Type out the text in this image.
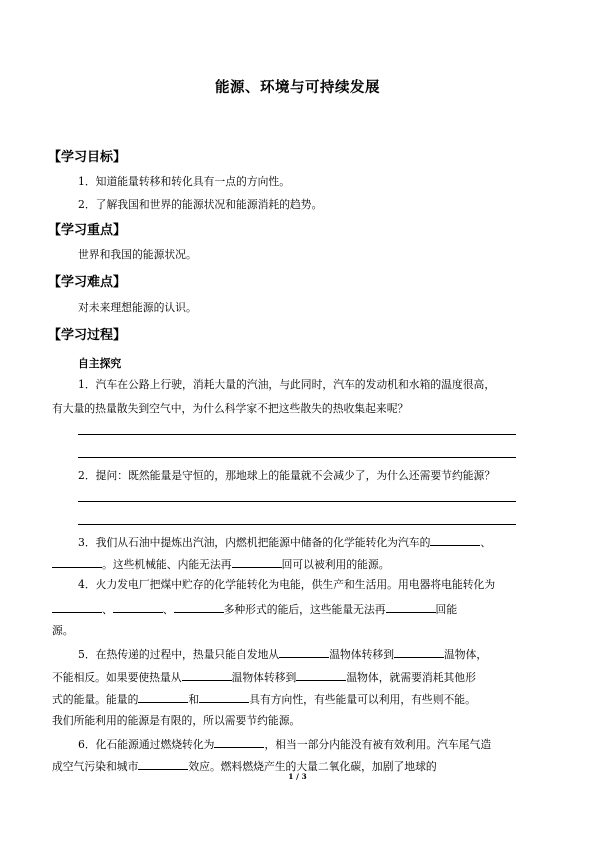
能源、环境与可持续发展
【学习目标】
1．知道能量转移和转化具有一点的方向性。
2．了解我国和世界的能源状况和能源消耗的趋势。
【学习重点】
世界和我国的能源状况。
【学习难点】
对未来理想能源的认识。
【学习过程】
自主探究
1．汽车在公路上行驶，消耗大量的汽油，与此同时，汽车的发动机和水箱的温度很高，
有大量的热量散失到空气中，为什么科学家不把这些散失的热收集起来呢？
2．提问：既然能量是守恒的，那地球上的能量就不会减少了，为什么还需要节约能源？
3．我们从石油中提炼出汽油，内燃机把能源中储备的化学能转化为汽车的	、
。这些机械能、内能无法再	回可以被利用的能源。
4．火力发电厂把煤中贮存的化学能转化为电能，供生产和生活用。用电器将电能转化为
、	、	多种形式的能后，这些能量无法再	回能
源。
5．在热传递的过程中，热量只能自发地从	温物体转移到	温物体，
不能相反。如果要使热量从	温物体转移到	温物体，就需要消耗其他形
式的能量。能量的	和	具有方向性，有些能量可以利用，有些则不能。
我们所能利用的能源是有限的，所以需要节约能源。
6．化石能源通过燃烧转化为	，相当一部分内能没有被有效利用。汽车尾气造
成空气污染和城市	效应。燃料燃烧产生的大量二氧化碳，加剧了地球的
1 / 3
